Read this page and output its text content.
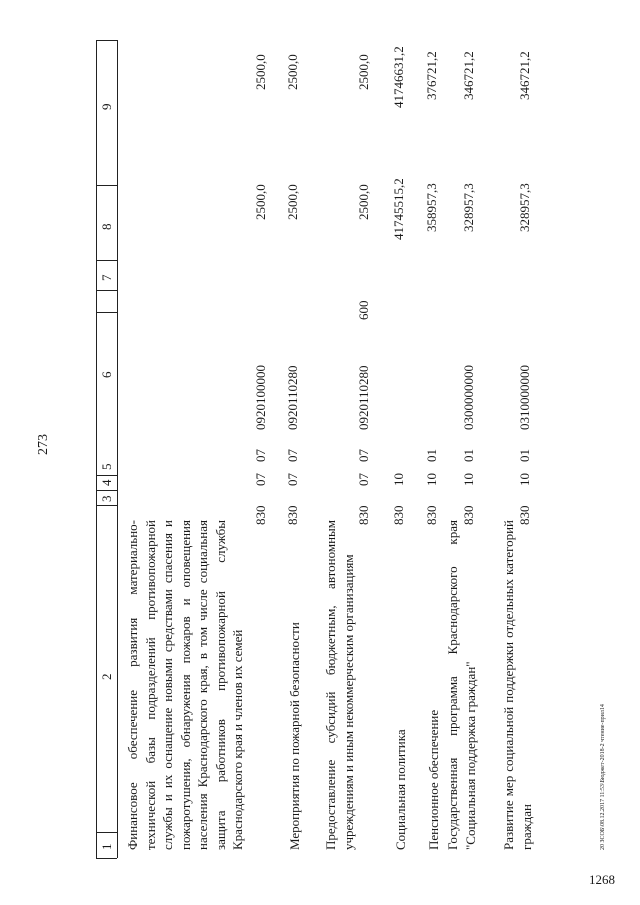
273
1268
20 ЗСОБ\08.12.2017 11:53\Бюджет-2018-2 чтение-прил14
9
8
7
6
5
4
3
2
1 Финансовое обеспечение развития материально-технической базы подразделений противопожарной службы и их оснащение новыми средствами спасения и пожаротушения, обнаружения пожаров и оповещения населения Краснодарского края, в том числе социальная защита работников противопожарной службы Краснодарского края и членов их семей
830
07
07
0920100000
2500,0
2500,0
Мероприятия по пожарной безопасности
830
07
07
0920110280
2500,0
2500,0
Предоставление субсидий бюджетным, автономным учреждениям и иным некоммерческим организациям
830
07
07
0920110280
600
2500,0
2500,0
Социальная политика
830
10
41745515,2
41746631,2
Пенсионное обеспечение
830
10
01
358957,3
376721,2
Государственная программа Краснодарского края "Социальная поддержка граждан"
830
10
01
0300000000
328957,3
346721,2
Развитие мер социальной поддержки отдельных категорий граждан
830
10
01
0310000000
328957,3
346721,2
